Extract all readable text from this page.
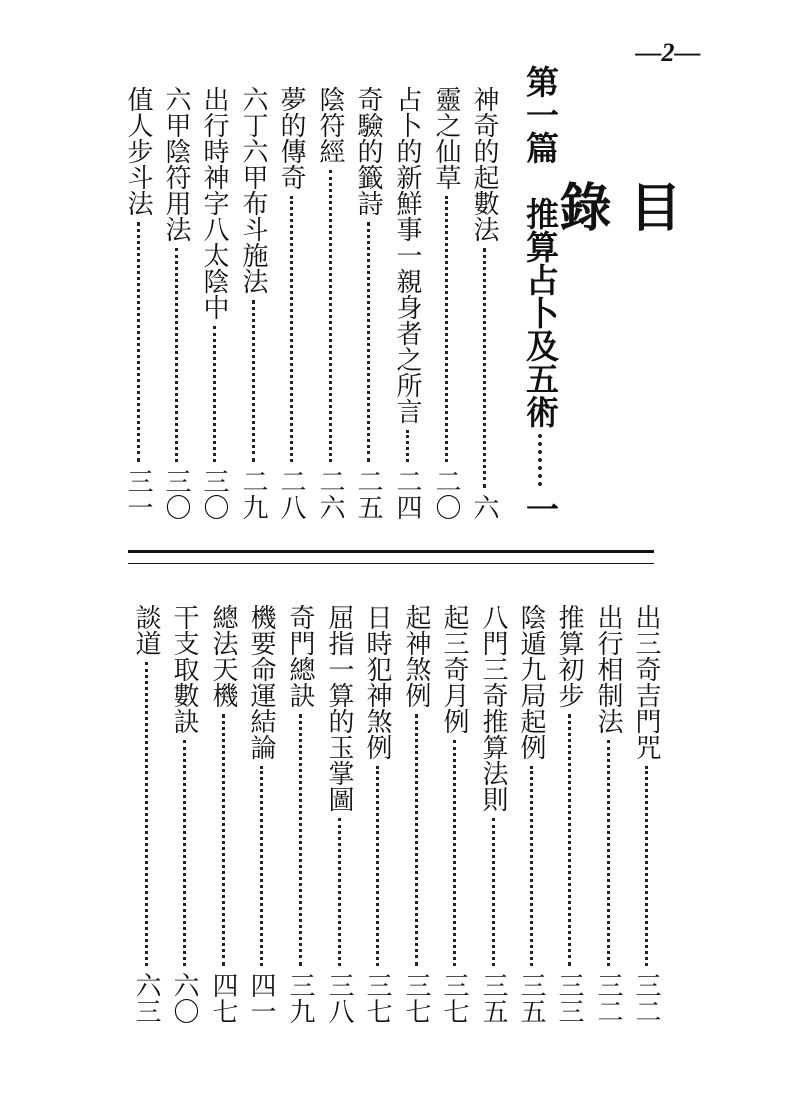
—2—
目 錄
第一篇　推算占卜及五術
一
神奇的起數法
六
靈之仙草
二〇
占卜的新鮮事一親身者之所言
二四
奇驗的籤詩
二五
陰符經
二六
夢的傳奇
二八
六丁六甲布斗施法
二九
出行時神字八太陰中
三〇
六甲陰符用法
三〇
值人步斗法
三一
出三奇吉門咒
三二
出行相制法
三二
推算初步
三三
陰遁九局起例
三五
八門三奇推算法則
三五
起三奇月例
三七
起神煞例
三七
日時犯神煞例
三七
屈指一算的玉掌圖
三八
奇門總訣
三九
機要命運結論
四一
總法天機
四七
干支取數訣
六〇
談道
六三
